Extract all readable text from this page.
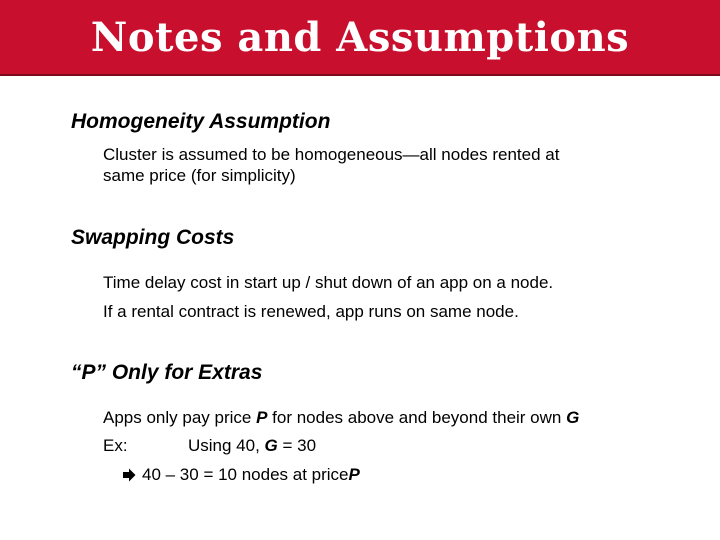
Notes and Assumptions
Homogeneity Assumption
Cluster is assumed to be homogeneous—all nodes rented at
same price (for simplicity)
Swapping Costs
Time delay cost in start up / shut down of an app on a node.
If a rental contract is renewed, app runs on same node.
“P” Only for Extras
Apps only pay price P for nodes above and beyond their own G
Ex:	Using 40, G = 30
40 – 30 = 10 nodes at price P
